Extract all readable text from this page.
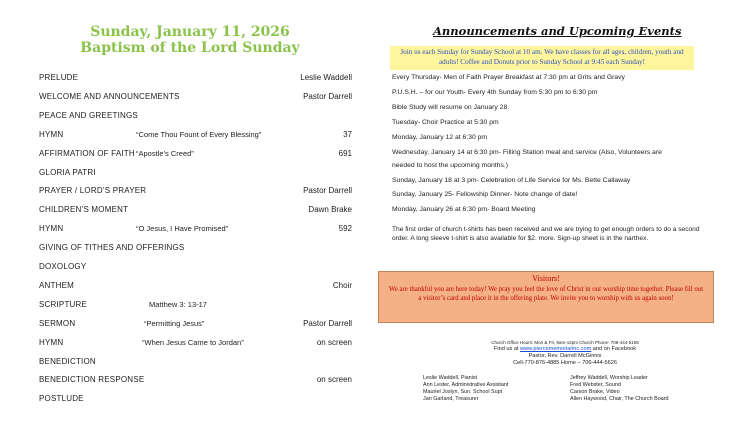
Sunday, January 11, 2026
Baptism of the Lord Sunday
PRELUDE	Leslie Waddell
WELCOME AND ANNOUNCEMENTS	Pastor Darrell
PEACE AND GREETINGS
HYMN	“Come Thou Fount of Every Blessing”	37
AFFIRMATION OF FAITH “Apostle’s Creed”	691
GLORIA PATRI
PRAYER / LORD’S PRAYER	Pastor Darrell
CHILDREN’S MOMENT	Dawn Brake
HYMN	“O Jesus, I Have Promised”	592
GIVING OF TITHES AND OFFERINGS
DOXOLOGY
ANTHEM	Choir
SCRIPTURE	Matthew 3: 13-17
SERMON	“Permitting Jesus”	Pastor Darrell
HYMN	“When Jesus Came to Jordan”	on screen
BENEDICTION
BENEDICTION RESPONSE	on screen
POSTLUDE
Announcements and Upcoming Events
Join us each Sunday for Sunday School at 10 am. We have classes for all ages, children, youth and adults! Coffee and Donuts prior to Sunday School at 9:45 each Sunday!
Every Thursday- Men of Faith Prayer Breakfast at 7:30 pm at Grits and Gravy
P.U.S.H. – for our Youth- Every 4th Sunday from 5:30 pm to 6:30 pm
Bible Study will resume on January 28.
Tuesday- Choir Practice at 5:30 pm
Monday, January 12 at 6:30 pm
Wednesday, January 14 at 6:30 pm- Filling Station meal and service (Also, Volunteers are
needed to host the upcoming months.)
Sunday, January 18 at 3 pm- Celebration of Life Service for Ms. Bette Callaway
Sunday, January 25- Fellowship Dinner- Note change of date!
Monday, January 26 at 6:30 pm- Board Meeting
The first order of church t-shirts has been received and we are trying to get enough orders to do a second order. A long sleeve t-shirt is also available for $2. more. Sign-up sheet is in the narthex.
Visitors!
We are thankful you are here today! We pray you feel the love of Christ in our worship time together. Please fill out a visitor’s card and place it in the offering plate. We invite you to worship with us again soon!
Church Office Hours: Mon & Fri, 9am-12pm Church Phone- 706-444-5108
Find us at www.piercememorialmc.com and on Facebook
Pastor, Rev. Darrell McGinnis
Cell-770-876-4885 Home – 706-444-5626
Leslie Waddell, Pianist
Ann Lester, Administrative Assistant
Mauriel Joslyn, Sun. School Supt
Jan Garland, Treasurer
Jeffrey Waddell, Worship Leader
Fred Webster, Sound
Carson Brake, Video
Allen Haywood, Chair, The Church Board
